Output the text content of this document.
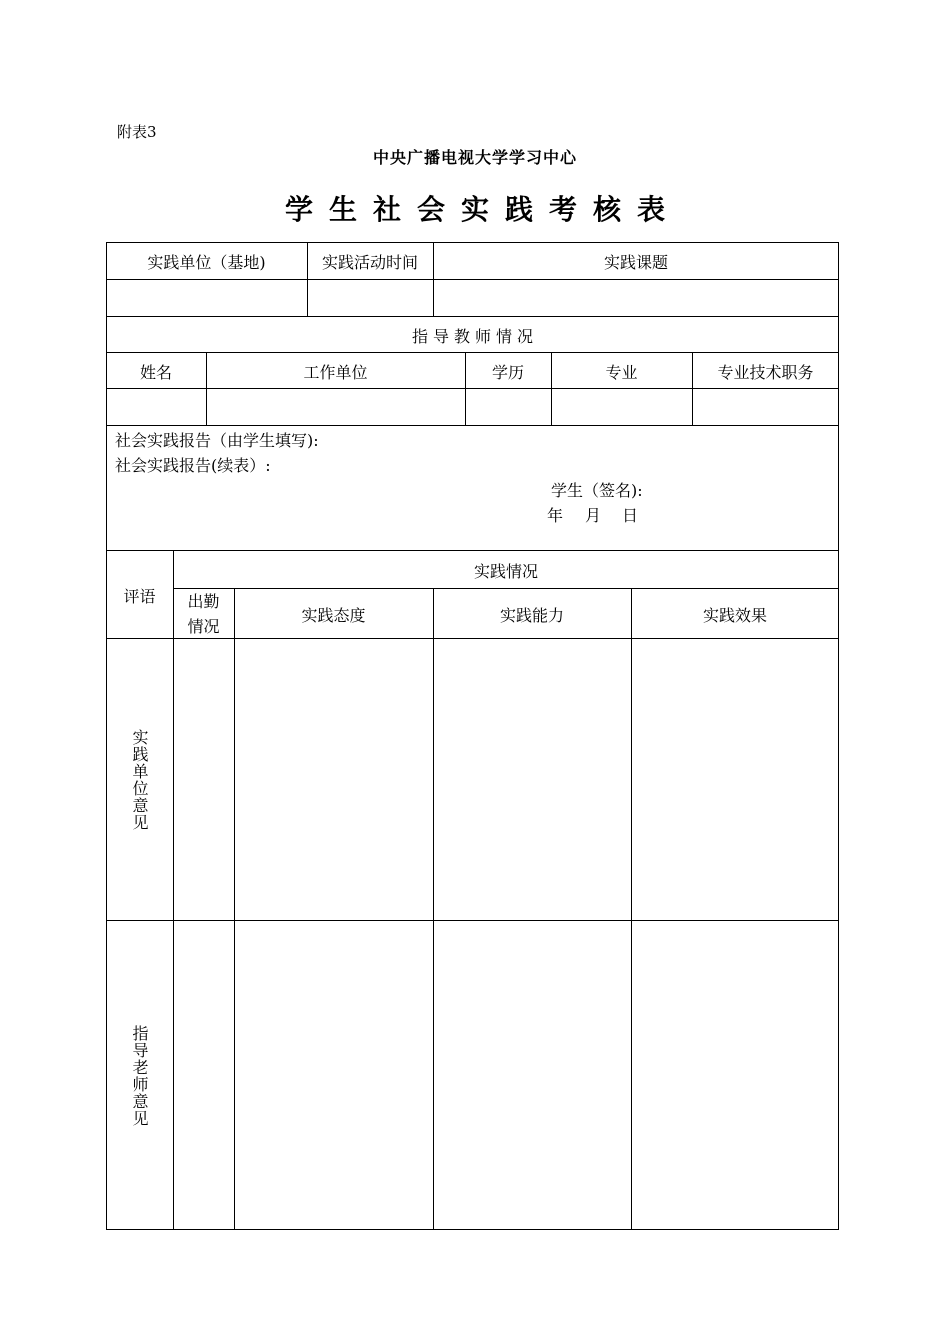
附表3
中央广播电视大学学习中心
学生社会实践考核表
实践单位（基地)	实践活动时间	实践课题
指导教师情况
姓名	工作单位	学历	专业	专业技术职务
社会实践报告（由学生填写):
社会实践报告(续表）:
学生（签名):
年 月 日
评语
实践情况
出勤
情况
实践态度	实践能力	实践效果
实践单位意见
指导老师意见
